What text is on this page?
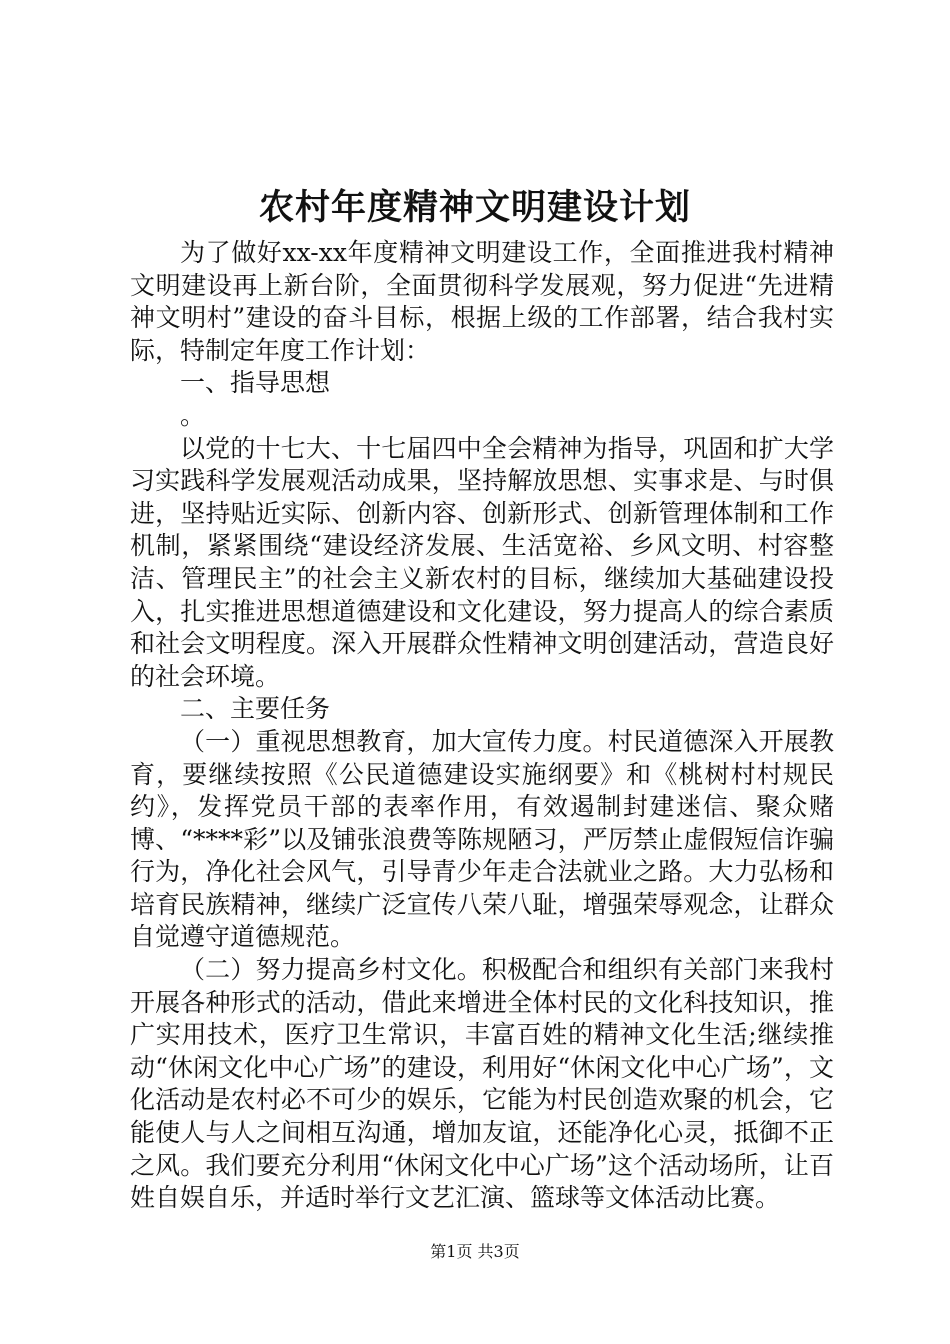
农村年度精神文明建设计划

为了做好xx-xx年度精神文明建设工作，全面推进我村精神文明建设再上新台阶，全面贯彻科学发展观，努力促进“先进精神文明村”建设的奋斗目标，根据上级的工作部署，结合我村实际，特制定年度工作计划：

一、指导思想

。

以党的十七大、十七届四中全会精神为指导，巩固和扩大学习实践科学发展观活动成果，坚持解放思想、实事求是、与时俱进，坚持贴近实际、创新内容、创新形式、创新管理体制和工作机制，紧紧围绕“建设经济发展、生活宽裕、乡风文明、村容整洁、管理民主”的社会主义新农村的目标，继续加大基础建设投入，扎实推进思想道德建设和文化建设，努力提高人的综合素质和社会文明程度。深入开展群众性精神文明创建活动，营造良好的社会环境。

二、主要任务

（一）重视思想教育，加大宣传力度。村民道德深入开展教育，要继续按照《公民道德建设实施纲要》和《桃树村村规民约》，发挥党员干部的表率作用，有效遏制封建迷信、聚众赌博、“****彩”以及铺张浪费等陈规陋习，严厉禁止虚假短信诈骗行为，净化社会风气，引导青少年走合法就业之路。大力弘杨和培育民族精神，继续广泛宣传八荣八耻，增强荣辱观念，让群众自觉遵守道德规范。

（二）努力提高乡村文化。积极配合和组织有关部门来我村开展各种形式的活动，借此来增进全体村民的文化科技知识，推广实用技术，医疗卫生常识，丰富百姓的精神文化生活;继续推动“休闲文化中心广场”的建设，利用好“休闲文化中心广场”，文化活动是农村必不可少的娱乐，它能为村民创造欢聚的机会，它能使人与人之间相互沟通，增加友谊，还能净化心灵，抵御不正之风。我们要充分利用“休闲文化中心广场”这个活动场所，让百姓自娱自乐，并适时举行文艺汇演、篮球等文体活动比赛。

第1页 共3页
